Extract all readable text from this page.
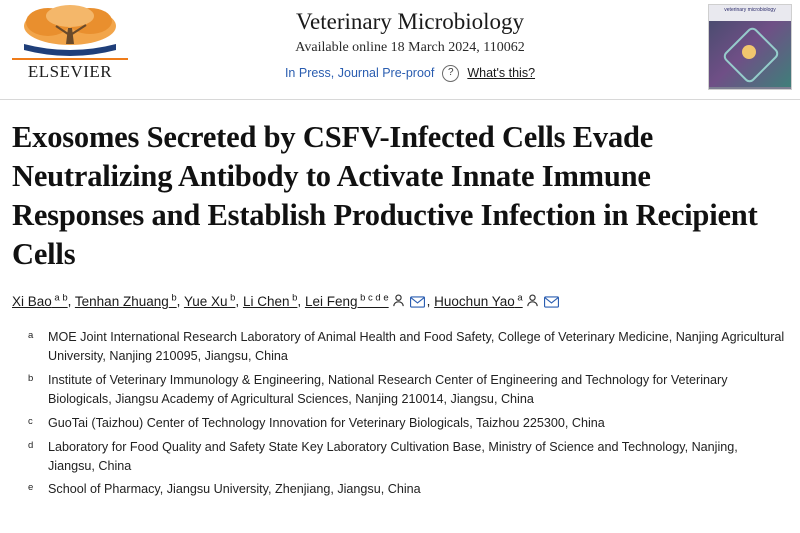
ELSEVIER
Veterinary Microbiology
Available online 18 March 2024, 110062
In Press, Journal Pre-proof	?	What's this?
veterinary microbiology
Exosomes Secreted by CSFV-Infected Cells Evade Neutralizing Antibody to Activate Innate Immune Responses and Establish Productive Infection in Recipient Cells
Xi Bao $^{a b}$, Tenhan Zhuang $^b$, Yue Xu $^b$, Li Chen $^b$, Lei Feng $^{b c d e}$	, Huochun Yao $^a$
a	MOE Joint International Research Laboratory of Animal Health and Food Safety, College of Veterinary Medicine, Nanjing Agricultural University, Nanjing 210095, Jiangsu, China
b	Institute of Veterinary Immunology & Engineering, National Research Center of Engineering and Technology for Veterinary Biologicals, Jiangsu Academy of Agricultural Sciences, Nanjing 210014, Jiangsu, China
c	GuoTai (Taizhou) Center of Technology Innovation for Veterinary Biologicals, Taizhou 225300, China
d	Laboratory for Food Quality and Safety State Key Laboratory Cultivation Base, Ministry of Science and Technology, Nanjing, Jiangsu, China
e	School of Pharmacy, Jiangsu University, Zhenjiang, Jiangsu, China
